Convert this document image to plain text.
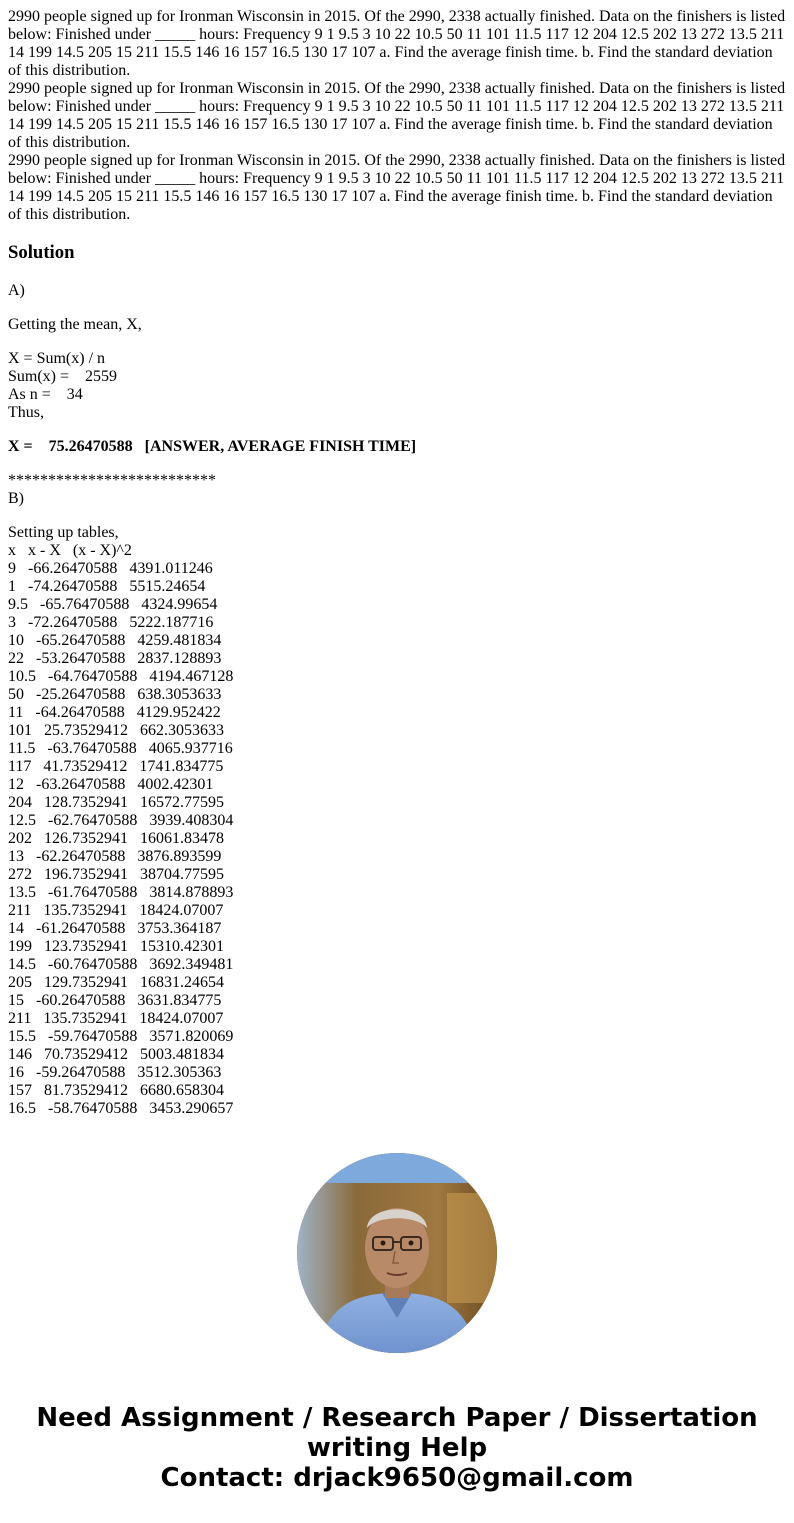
2990 people signed up for Ironman Wisconsin in 2015. Of the 2990, 2338 actually finished. Data on the finishers is listed below: Finished under _____ hours: Frequency 9 1 9.5 3 10 22 10.5 50 11 101 11.5 117 12 204 12.5 202 13 272 13.5 211 14 199 14.5 205 15 211 15.5 146 16 157 16.5 130 17 107 a. Find the average finish time. b. Find the standard deviation of this distribution.
2990 people signed up for Ironman Wisconsin in 2015. Of the 2990, 2338 actually finished. Data on the finishers is listed below: Finished under _____ hours: Frequency 9 1 9.5 3 10 22 10.5 50 11 101 11.5 117 12 204 12.5 202 13 272 13.5 211 14 199 14.5 205 15 211 15.5 146 16 157 16.5 130 17 107 a. Find the average finish time. b. Find the standard deviation of this distribution.
2990 people signed up for Ironman Wisconsin in 2015. Of the 2990, 2338 actually finished. Data on the finishers is listed below: Finished under _____ hours: Frequency 9 1 9.5 3 10 22 10.5 50 11 101 11.5 117 12 204 12.5 202 13 272 13.5 211 14 199 14.5 205 15 211 15.5 146 16 157 16.5 130 17 107 a. Find the average finish time. b. Find the standard deviation of this distribution.
Solution
A)
Getting the mean, X,
X = Sum(x) / n
Sum(x) =    2559
As n =    34
Thus,
X =    75.26470588   [ANSWER, AVERAGE FINISH TIME]
**************************
B)
Setting up tables,
x   x - X   (x - X)^2
9   -66.26470588   4391.011246
1   -74.26470588   5515.24654
9.5   -65.76470588   4324.99654
3   -72.26470588   5222.187716
10   -65.26470588   4259.481834
22   -53.26470588   2837.128893
10.5   -64.76470588   4194.467128
50   -25.26470588   638.3053633
11   -64.26470588   4129.952422
101   25.73529412   662.3053633
11.5   -63.76470588   4065.937716
117   41.73529412   1741.834775
12   -63.26470588   4002.42301
204   128.7352941   16572.77595
12.5   -62.76470588   3939.408304
202   126.7352941   16061.83478
13   -62.26470588   3876.893599
272   196.7352941   38704.77595
13.5   -61.76470588   3814.878893
211   135.7352941   18424.07007
14   -61.26470588   3753.364187
199   123.7352941   15310.42301
14.5   -60.76470588   3692.349481
205   129.7352941   16831.24654
15   -60.26470588   3631.834775
211   135.7352941   18424.07007
15.5   -59.76470588   3571.820069
146   70.73529412   5003.481834
16   -59.26470588   3512.305363
157   81.73529412   6680.658304
16.5   -58.76470588   3453.290657
Need Assignment / Research Paper / Dissertation
writing Help
Contact: drjack9650@gmail.com
